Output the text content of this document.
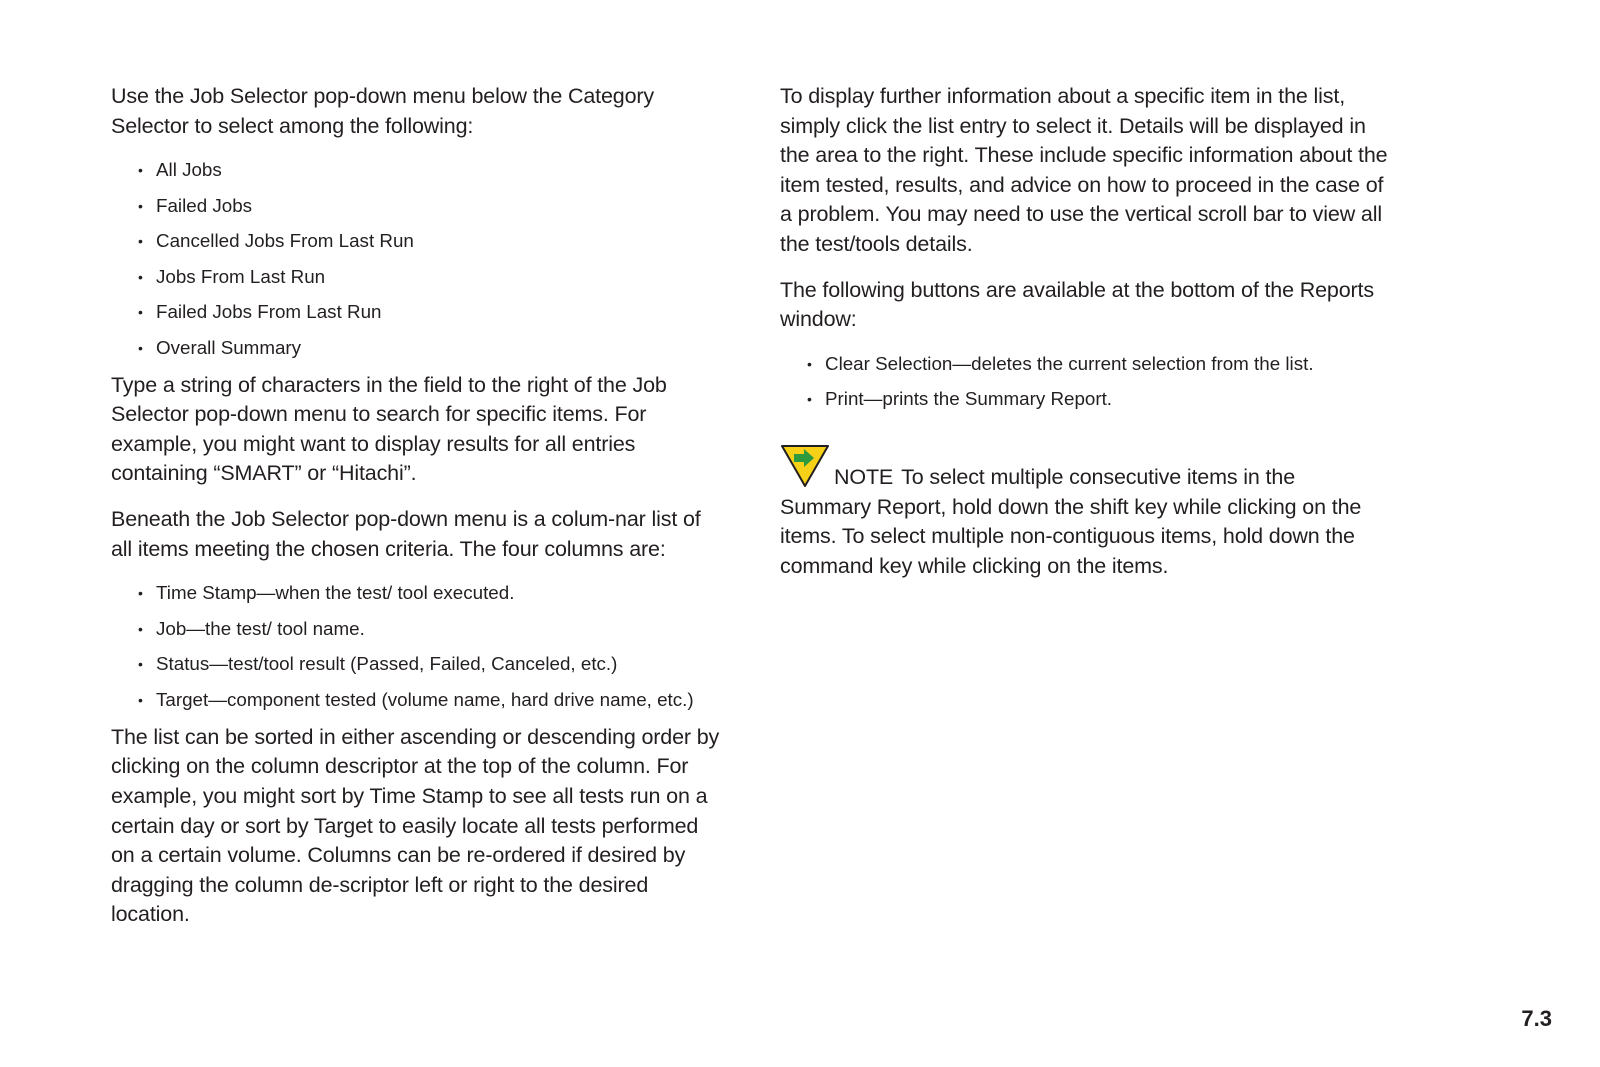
Use the Job Selector pop-down menu below the Category Selector to select among the following:

• All Jobs
• Failed Jobs
• Cancelled Jobs From Last Run
• Jobs From Last Run
• Failed Jobs From Last Run
• Overall Summary

Type a string of characters in the field to the right of the Job Selector pop-down menu to search for specific items. For example, you might want to display results for all entries containing “SMART” or “Hitachi”.

Beneath the Job Selector pop-down menu is a colum-nar list of all items meeting the chosen criteria. The four columns are:

• Time Stamp—when the test/ tool executed.
• Job—the test/ tool name.
• Status—test/tool result (Passed, Failed, Canceled, etc.)
• Target—component tested (volume name, hard drive name, etc.)

The list can be sorted in either ascending or descending order by clicking on the column descriptor at the top of the column. For example, you might sort by Time Stamp to see all tests run on a certain day or sort by Target to easily locate all tests performed on a certain volume. Columns can be re-ordered if desired by dragging the column de-scriptor left or right to the desired location.

To display further information about a specific item in the list, simply click the list entry to select it. Details will be displayed in the area to the right. These include specific information about the item tested, results, and advice on how to proceed in the case of a problem. You may need to use the vertical scroll bar to view all the test/tools details.

The following buttons are available at the bottom of the Reports window:

• Clear Selection—deletes the current selection from the list.
• Print—prints the Summary Report.

NOTE To select multiple consecutive items in the Summary Report, hold down the shift key while clicking on the items. To select multiple non-contiguous items, hold down the command key while clicking on the items.

7.3
